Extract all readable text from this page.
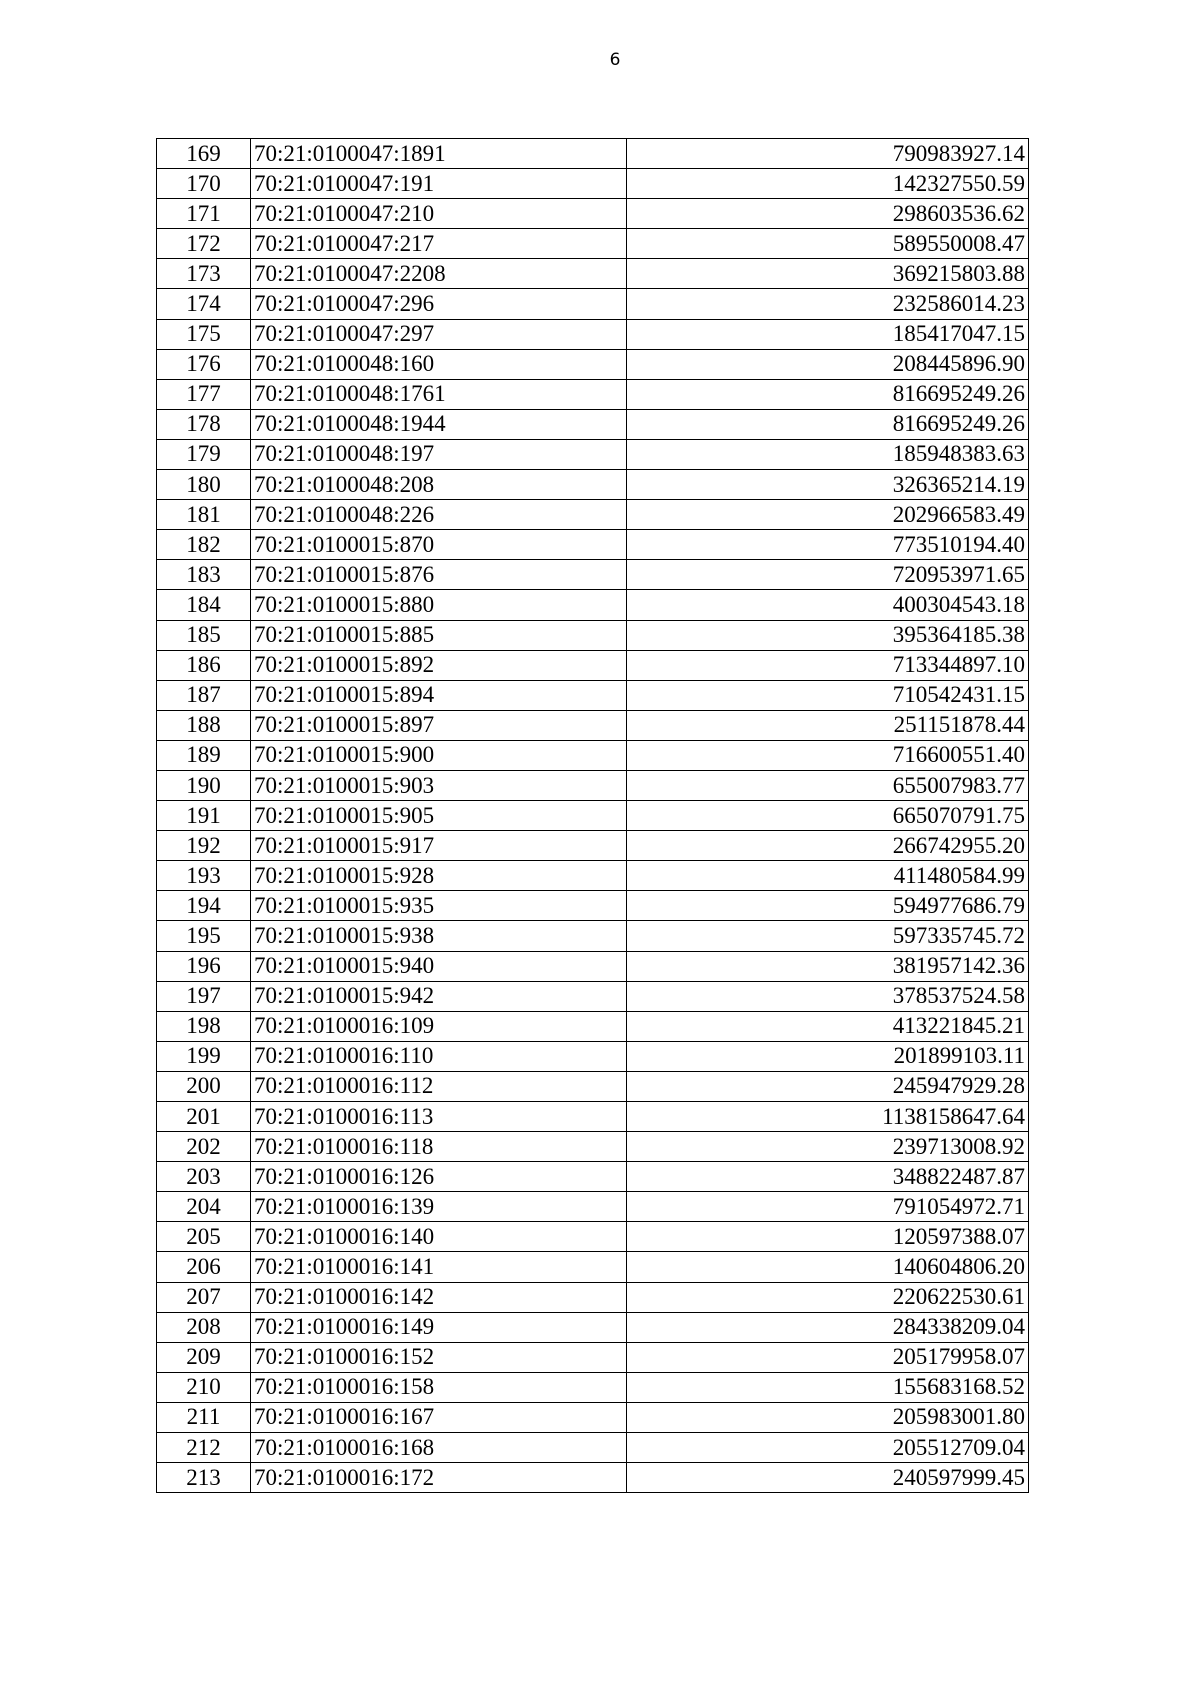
6
169	70:21:0100047:1891	790983927.14
170	70:21:0100047:191	142327550.59
171	70:21:0100047:210	298603536.62
172	70:21:0100047:217	589550008.47
173	70:21:0100047:2208	369215803.88
174	70:21:0100047:296	232586014.23
175	70:21:0100047:297	185417047.15
176	70:21:0100048:160	208445896.90
177	70:21:0100048:1761	816695249.26
178	70:21:0100048:1944	816695249.26
179	70:21:0100048:197	185948383.63
180	70:21:0100048:208	326365214.19
181	70:21:0100048:226	202966583.49
182	70:21:0100015:870	773510194.40
183	70:21:0100015:876	720953971.65
184	70:21:0100015:880	400304543.18
185	70:21:0100015:885	395364185.38
186	70:21:0100015:892	713344897.10
187	70:21:0100015:894	710542431.15
188	70:21:0100015:897	251151878.44
189	70:21:0100015:900	716600551.40
190	70:21:0100015:903	655007983.77
191	70:21:0100015:905	665070791.75
192	70:21:0100015:917	266742955.20
193	70:21:0100015:928	411480584.99
194	70:21:0100015:935	594977686.79
195	70:21:0100015:938	597335745.72
196	70:21:0100015:940	381957142.36
197	70:21:0100015:942	378537524.58
198	70:21:0100016:109	413221845.21
199	70:21:0100016:110	201899103.11
200	70:21:0100016:112	245947929.28
201	70:21:0100016:113	1138158647.64
202	70:21:0100016:118	239713008.92
203	70:21:0100016:126	348822487.87
204	70:21:0100016:139	791054972.71
205	70:21:0100016:140	120597388.07
206	70:21:0100016:141	140604806.20
207	70:21:0100016:142	220622530.61
208	70:21:0100016:149	284338209.04
209	70:21:0100016:152	205179958.07
210	70:21:0100016:158	155683168.52
211	70:21:0100016:167	205983001.80
212	70:21:0100016:168	205512709.04
213	70:21:0100016:172	240597999.45
